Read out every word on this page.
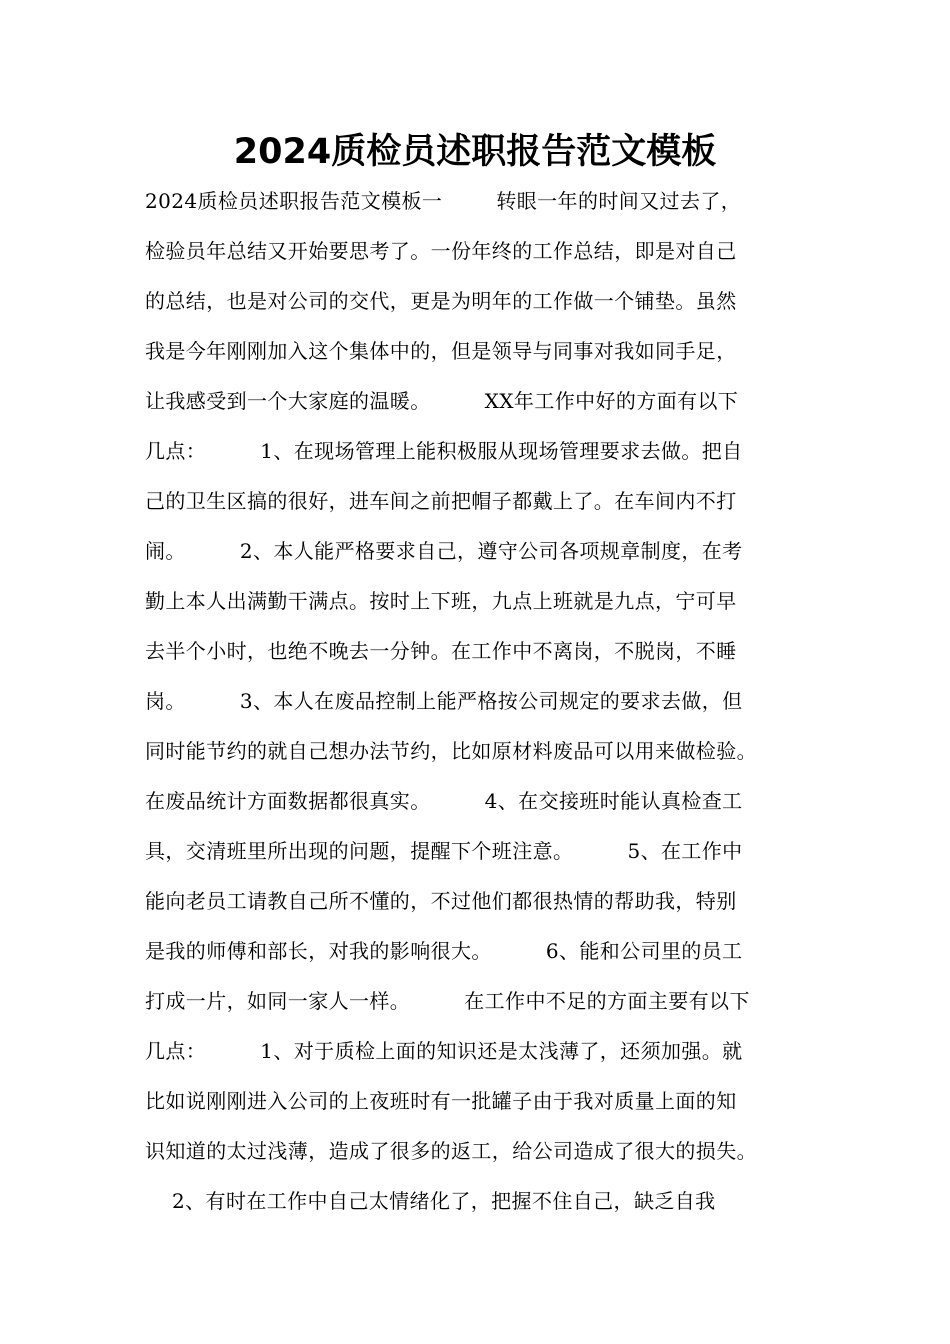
2024质检员述职报告范文模板
2024质检员述职报告范文模板一        转眼一年的时间又过去了，
检验员年总结又开始要思考了。一份年终的工作总结，即是对自己
的总结，也是对公司的交代，更是为明年的工作做一个铺垫。虽然
我是今年刚刚加入这个集体中的，但是领导与同事对我如同手足，
让我感受到一个大家庭的温暖。        XX年工作中好的方面有以下
几点：        1、在现场管理上能积极服从现场管理要求去做。把自
己的卫生区搞的很好，进车间之前把帽子都戴上了。在车间内不打
闹。        2、本人能严格要求自己，遵守公司各项规章制度，在考
勤上本人出满勤干满点。按时上下班，九点上班就是九点，宁可早
去半个小时，也绝不晚去一分钟。在工作中不离岗，不脱岗，不睡
岗。        3、本人在废品控制上能严格按公司规定的要求去做，但
同时能节约的就自己想办法节约，比如原材料废品可以用来做检验。
在废品统计方面数据都很真实。        4、在交接班时能认真检查工
具，交清班里所出现的问题，提醒下个班注意。        5、在工作中
能向老员工请教自己所不懂的，不过他们都很热情的帮助我，特别
是我的师傅和部长，对我的影响很大。        6、能和公司里的员工
打成一片，如同一家人一样。        在工作中不足的方面主要有以下
几点：        1、对于质检上面的知识还是太浅薄了，还须加强。就
比如说刚刚进入公司的上夜班时有一批罐子由于我对质量上面的知
识知道的太过浅薄，造成了很多的返工，给公司造成了很大的损失。
2、有时在工作中自己太情绪化了，把握不住自己，缺乏自我
